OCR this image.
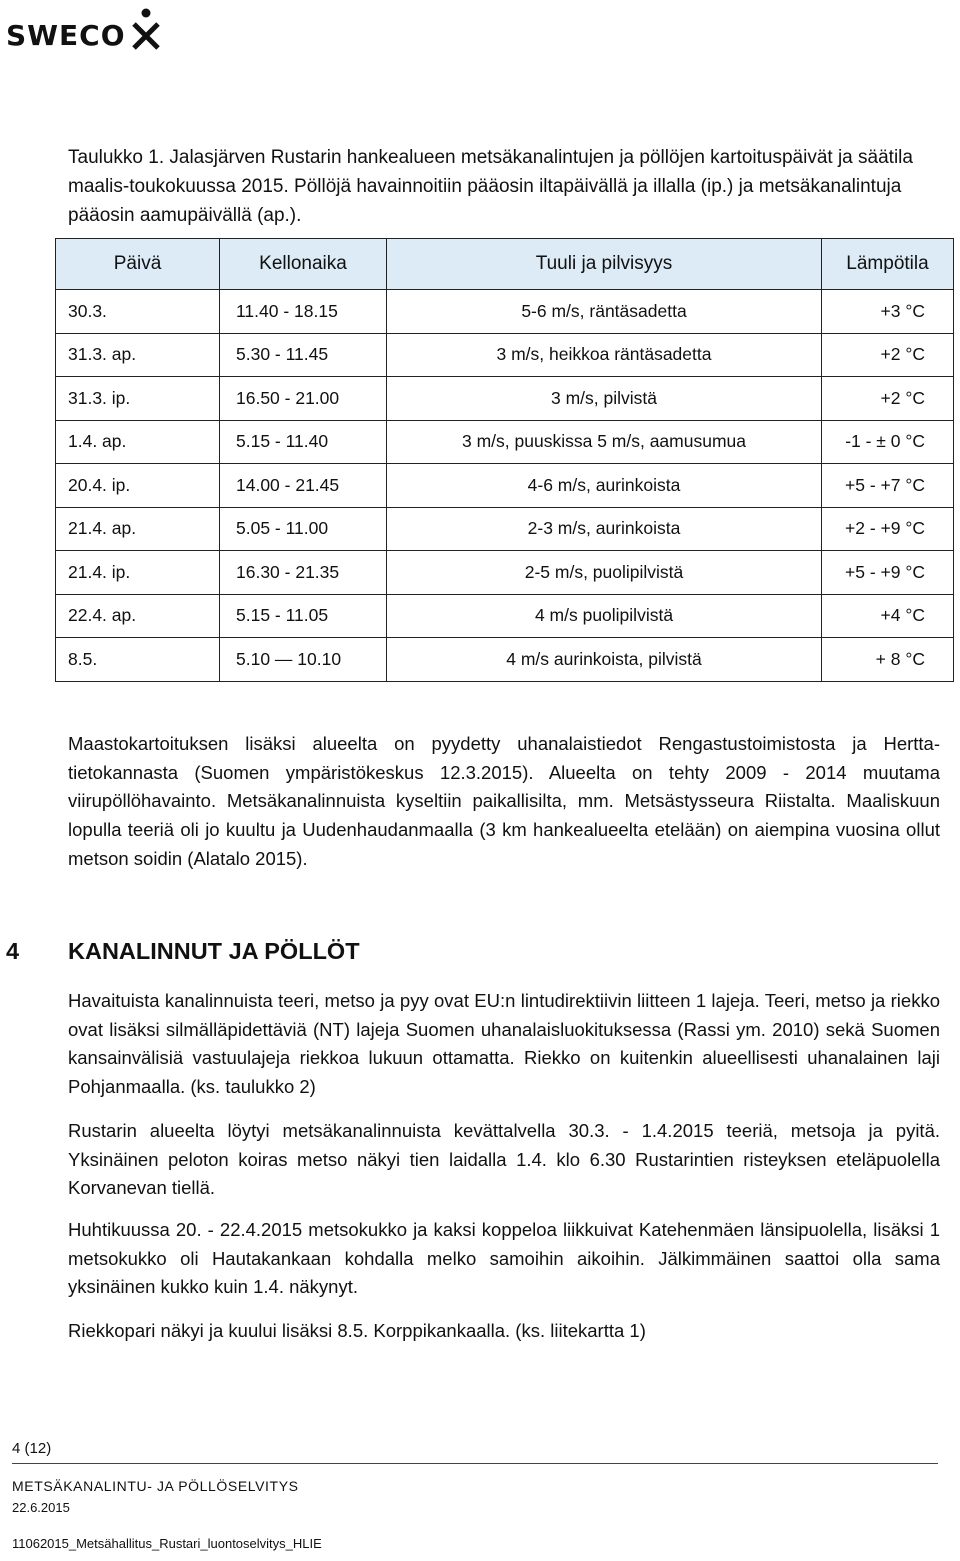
SWECO

Taulukko 1. Jalasjärven Rustarin hankealueen metsäkanalintujen ja pöllöjen kartoituspäivät ja säätila maalis-toukokuussa 2015. Pöllöjä havainnoitiin pääosin iltapäivällä ja illalla (ip.) ja metsäkanalintuja pääosin aamupäivällä (ap.).

Päivä	Kellonaika	Tuuli ja pilvisyys	Lämpötila
30.3.	11.40 - 18.15	5-6 m/s, räntäsadetta	+3 °C
31.3. ap.	5.30 - 11.45	3 m/s, heikkoa räntäsadetta	+2 °C
31.3. ip.	16.50 - 21.00	3 m/s, pilvistä	+2 °C
1.4. ap.	5.15 - 11.40	3 m/s, puuskissa 5 m/s, aamusumua	-1 - ± 0 °C
20.4. ip.	14.00 - 21.45	4-6 m/s, aurinkoista	+5 - +7 °C
21.4. ap.	5.05 - 11.00	2-3 m/s, aurinkoista	+2 - +9 °C
21.4. ip.	16.30 - 21.35	2-5 m/s, puolipilvistä	+5 - +9 °C
22.4. ap.	5.15 - 11.05	4 m/s puolipilvistä	+4 °C
8.5.	5.10 — 10.10	4 m/s aurinkoista, pilvistä	+ 8 °C

Maastokartoituksen lisäksi alueelta on pyydetty uhanalaistiedot Rengastustoimistosta ja Hertta-tietokannasta (Suomen ympäristökeskus 12.3.2015). Alueelta on tehty 2009 - 2014 muutama viirupöllöhavainto. Metsäkanalinnuista kyseltiin paikallisilta, mm. Metsästysseura Riistalta. Maaliskuun lopulla teeriä oli jo kuultu ja Uudenhaudanmaalla (3 km hankealueelta etelään) on aiempina vuosina ollut metson soidin (Alatalo 2015).

4	KANALINNUT JA PÖLLÖT

Havaituista kanalinnuista teeri, metso ja pyy ovat EU:n lintudirektiivin liitteen 1 lajeja. Teeri, metso ja riekko ovat lisäksi silmälläpidettäviä (NT) lajeja Suomen uhanalaisluokituksessa (Rassi ym. 2010) sekä Suomen kansainvälisiä vastuulajeja riekkoa lukuun ottamatta. Riekko on kuitenkin alueellisesti uhanalainen laji Pohjanmaalla. (ks. taulukko 2)

Rustarin alueelta löytyi metsäkanalinnuista kevättalvella 30.3. - 1.4.2015 teeriä, metsoja ja pyitä. Yksinäinen peloton koiras metso näkyi tien laidalla 1.4. klo 6.30 Rustarintien risteyksen eteläpuolella Korvanevan tiellä.

Huhtikuussa 20. - 22.4.2015 metsokukko ja kaksi koppeloa liikkuivat Katehenmäen länsipuolella, lisäksi 1 metsokukko oli Hautakankaan kohdalla melko samoihin aikoihin. Jälkimmäinen saattoi olla sama yksinäinen kukko kuin 1.4. näkynyt.

Riekkopari näkyi ja kuului lisäksi 8.5. Korppikankaalla. (ks. liitekartta 1)

4 (12)

METSÄKANALINTU- JA PÖLLÖSELVITYS

22.6.2015

11062015_Metsähallitus_Rustari_luontoselvitys_HLIE
